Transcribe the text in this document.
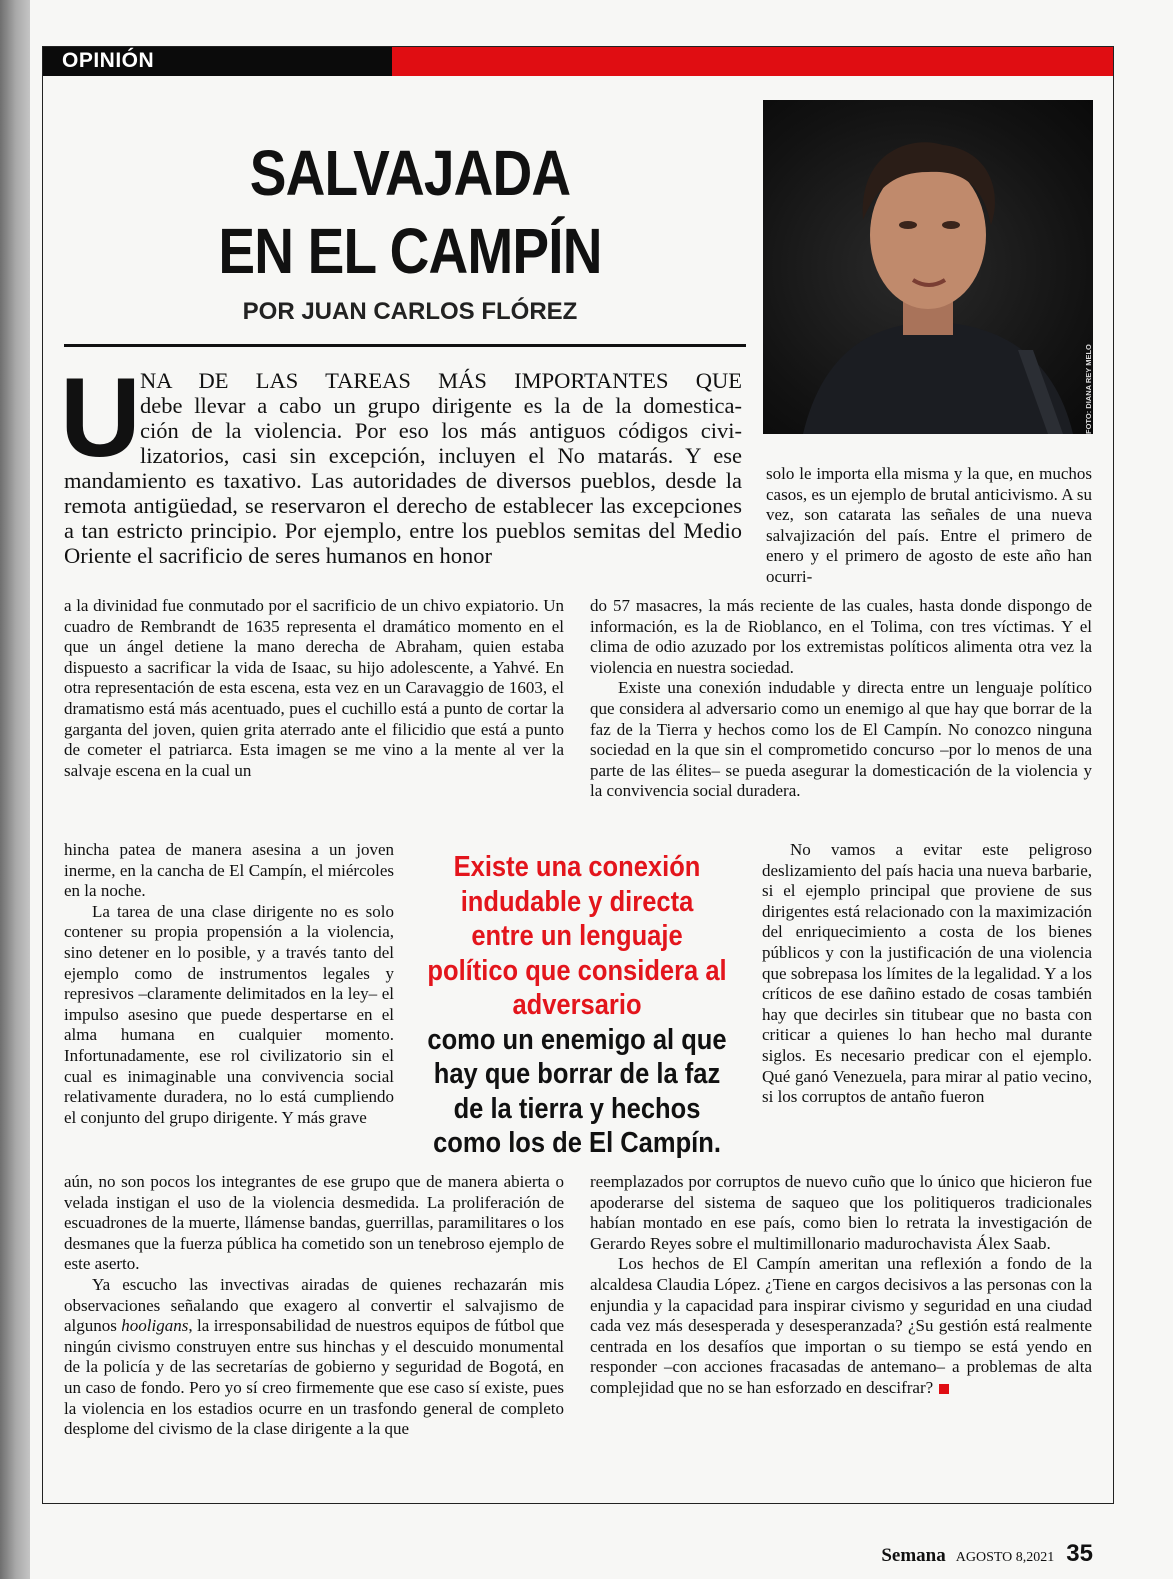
OPINIÓN
SALVAJADA
EN EL CAMPÍN
POR JUAN CARLOS FLÓREZ
FOTO: DIANA REY MELO
U NA DE LAS TAREAS MÁS IMPORTANTES QUE
debe llevar a cabo un grupo dirigente es la de la domestica-
ción de la violencia. Por eso los más antiguos códigos civi-
lizatorios, casi sin excepción, incluyen el No matarás. Y ese
mandamiento es taxativo. Las autoridades de diversos pueblos, desde la remota antigüedad, se reservaron el derecho de establecer las excepciones a tan estricto principio. Por ejemplo, entre los pueblos semitas del Medio Oriente el sacrificio de seres humanos en honor

solo le importa ella misma y la que, en muchos casos, es un ejemplo de brutal anticivismo. A su vez, son catarata las señales de una nueva salvajización del país. Entre el primero de enero y el primero de agosto de este año han ocurri-

a la divinidad fue conmutado por el sacrificio de un chivo expiatorio. Un cuadro de Rembrandt de 1635 representa el dramático momento en el que un ángel detiene la mano derecha de Abraham, quien estaba dispuesto a sacrificar la vida de Isaac, su hijo adolescente, a Yahvé. En otra representación de esta escena, esta vez en un Caravaggio de 1603, el dramatismo está más acentuado, pues el cuchillo está a punto de cortar la garganta del joven, quien grita aterrado ante el filicidio que está a punto de cometer el patriarca. Esta imagen se me vino a la mente al ver la salvaje escena en la cual un

do 57 masacres, la más reciente de las cuales, hasta donde dispongo de información, es la de Rioblanco, en el Tolima, con tres víctimas. Y el clima de odio azuzado por los extremistas políticos alimenta otra vez la violencia en nuestra sociedad.

Existe una conexión indudable y directa entre un lenguaje político que considera al adversario como un enemigo al que hay que borrar de la faz de la Tierra y hechos como los de El Campín. No conozco ninguna sociedad en la que sin el comprometido concurso –por lo menos de una parte de las élites– se pueda asegurar la domesticación de la violencia y la convivencia social duradera.

hincha patea de manera asesina a un joven inerme, en la cancha de El Campín, el miércoles en la noche.

La tarea de una clase dirigente no es solo contener su propia propensión a la violencia, sino detener en lo posible, y a través tanto del ejemplo como de instrumentos legales y represivos –claramente delimitados en la ley– el impulso asesino que puede despertarse en el alma humana en cualquier momento. Infortunadamente, ese rol civilizatorio sin el cual es inimaginable una convivencia social relativamente duradera, no lo está cumpliendo el conjunto del grupo dirigente. Y más grave

Existe una conexión indudable y directa entre un lenguaje político que considera al adversario
como un enemigo al que hay que borrar de la faz de la tierra y hechos como los de El Campín.

No vamos a evitar este peligroso deslizamiento del país hacia una nueva barbarie, si el ejemplo principal que proviene de sus dirigentes está relacionado con la maximización del enriquecimiento a costa de los bienes públicos y con la justificación de una violencia que sobrepasa los límites de la legalidad. Y a los críticos de ese dañino estado de cosas también hay que decirles sin titubear que no basta con criticar a quienes lo han hecho mal durante siglos. Es necesario predicar con el ejemplo. Qué ganó Venezuela, para mirar al patio vecino, si los corruptos de antaño fueron

aún, no son pocos los integrantes de ese grupo que de manera abierta o velada instigan el uso de la violencia desmedida. La proliferación de escuadrones de la muerte, llámense bandas, guerrillas, paramilitares o los desmanes que la fuerza pública ha cometido son un tenebroso ejemplo de este aserto.

Ya escucho las invectivas airadas de quienes rechazarán mis observaciones señalando que exagero al convertir el salvajismo de algunos hooligans, la irresponsabilidad de nuestros equipos de fútbol que ningún civismo construyen entre sus hinchas y el descuido monumental de la policía y de las secretarías de gobierno y seguridad de Bogotá, en un caso de fondo. Pero yo sí creo firmemente que ese caso sí existe, pues la violencia en los estadios ocurre en un trasfondo general de completo desplome del civismo de la clase dirigente a la que

reemplazados por corruptos de nuevo cuño que lo único que hicieron fue apoderarse del sistema de saqueo que los politiqueros tradicionales habían montado en ese país, como bien lo retrata la investigación de Gerardo Reyes sobre el multimillonario madurochavista Álex Saab.

Los hechos de El Campín ameritan una reflexión a fondo de la alcaldesa Claudia López. ¿Tiene en cargos decisivos a las personas con la enjundia y la capacidad para inspirar civismo y seguridad en una ciudad cada vez más desesperada y desesperanzada? ¿Su gestión está realmente centrada en los desafíos que importan o su tiempo se está yendo en responder –con acciones fracasadas de antemano– a problemas de alta complejidad que no se han esforzado en descifrar?

Semana AGOSTO 8,2021 35
